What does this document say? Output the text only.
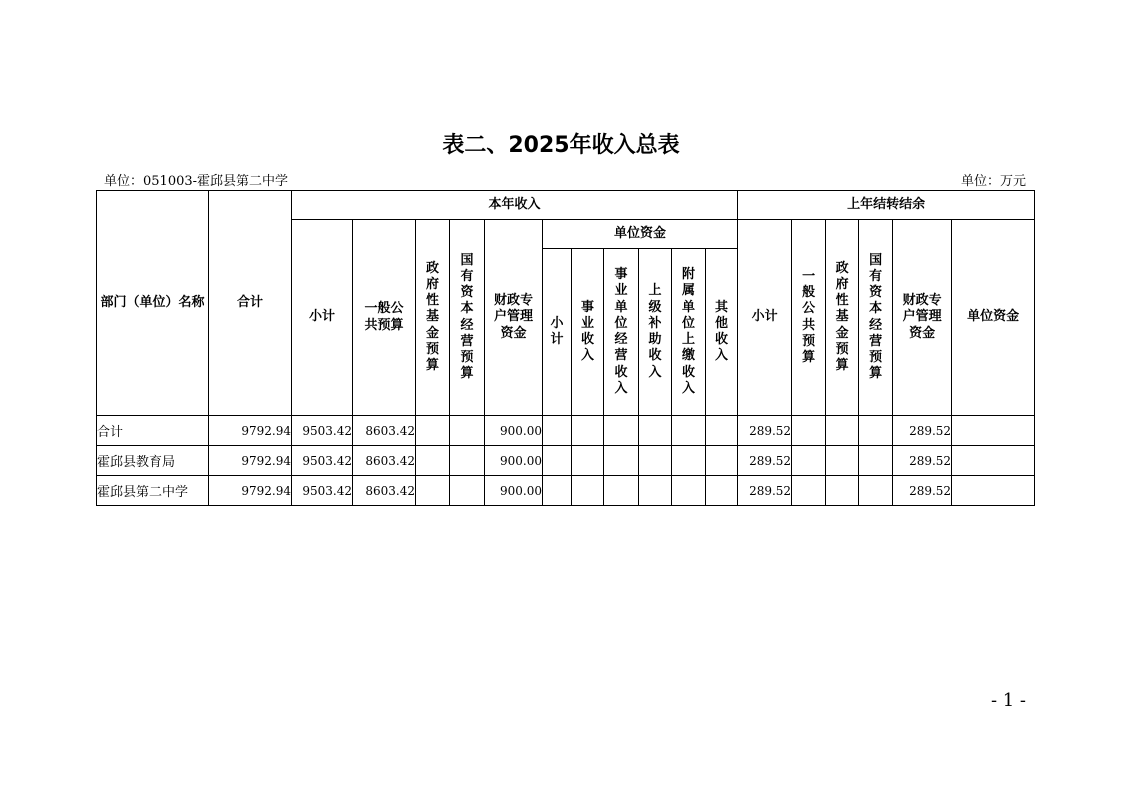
表二、2025年收入总表
单位：051003-霍邱县第二中学	单位：万元
部门（单位）名称	合计	本年收入											上年结转结余					
		小计	一般公共预算	政府性基金预算	国有资本经营预算	财政专户管理资金	单位资金						小计	一般公共预算	政府性基金预算	国有资本经营预算	财政专户管理资金	单位资金
							小计	事业收入	事业单位经营收入	上级补助收入	附属单位上缴收入	其他收入						
合计	9792.94	9503.42	8603.42			900.00							289.52				289.52	
霍邱县教育局	9792.94	9503.42	8603.42			900.00							289.52				289.52	
霍邱县第二中学	9792.94	9503.42	8603.42			900.00							289.52				289.52	
- 1 -
